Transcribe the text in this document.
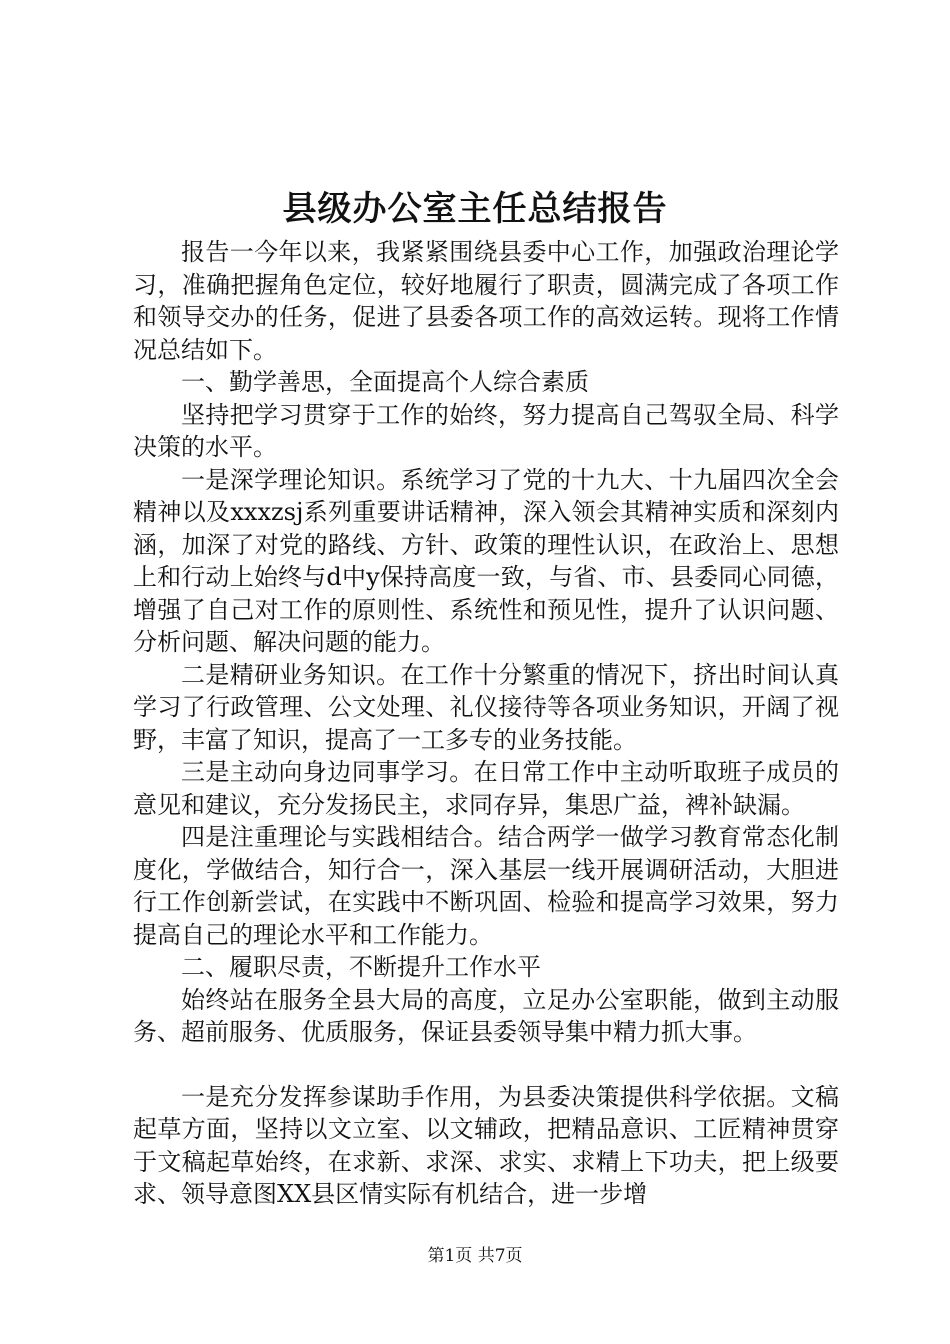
县级办公室主任总结报告

报告一今年以来，我紧紧围绕县委中心工作，加强政治理论学习，准确把握角色定位，较好地履行了职责，圆满完成了各项工作和领导交办的任务，促进了县委各项工作的高效运转。现将工作情况总结如下。

一、勤学善思，全面提高个人综合素质

坚持把学习贯穿于工作的始终，努力提高自己驾驭全局、科学决策的水平。

一是深学理论知识。系统学习了党的十九大、十九届四次全会精神以及xxxzsj系列重要讲话精神，深入领会其精神实质和深刻内涵，加深了对党的路线、方针、政策的理性认识，在政治上、思想上和行动上始终与d中y保持高度一致，与省、市、县委同心同德，增强了自己对工作的原则性、系统性和预见性，提升了认识问题、分析问题、解决问题的能力。

二是精研业务知识。在工作十分繁重的情况下，挤出时间认真学习了行政管理、公文处理、礼仪接待等各项业务知识，开阔了视野，丰富了知识，提高了一工多专的业务技能。

三是主动向身边同事学习。在日常工作中主动听取班子成员的意见和建议，充分发扬民主，求同存异，集思广益，裨补缺漏。

四是注重理论与实践相结合。结合两学一做学习教育常态化制度化，学做结合，知行合一，深入基层一线开展调研活动，大胆进行工作创新尝试，在实践中不断巩固、检验和提高学习效果，努力提高自己的理论水平和工作能力。

二、履职尽责，不断提升工作水平

始终站在服务全县大局的高度，立足办公室职能，做到主动服务、超前服务、优质服务，保证县委领导集中精力抓大事。

一是充分发挥参谋助手作用，为县委决策提供科学依据。文稿起草方面，坚持以文立室、以文辅政，把精品意识、工匠精神贯穿于文稿起草始终，在求新、求深、求实、求精上下功夫，把上级要求、领导意图XX县区情实际有机结合，进一步增

第1页 共7页
